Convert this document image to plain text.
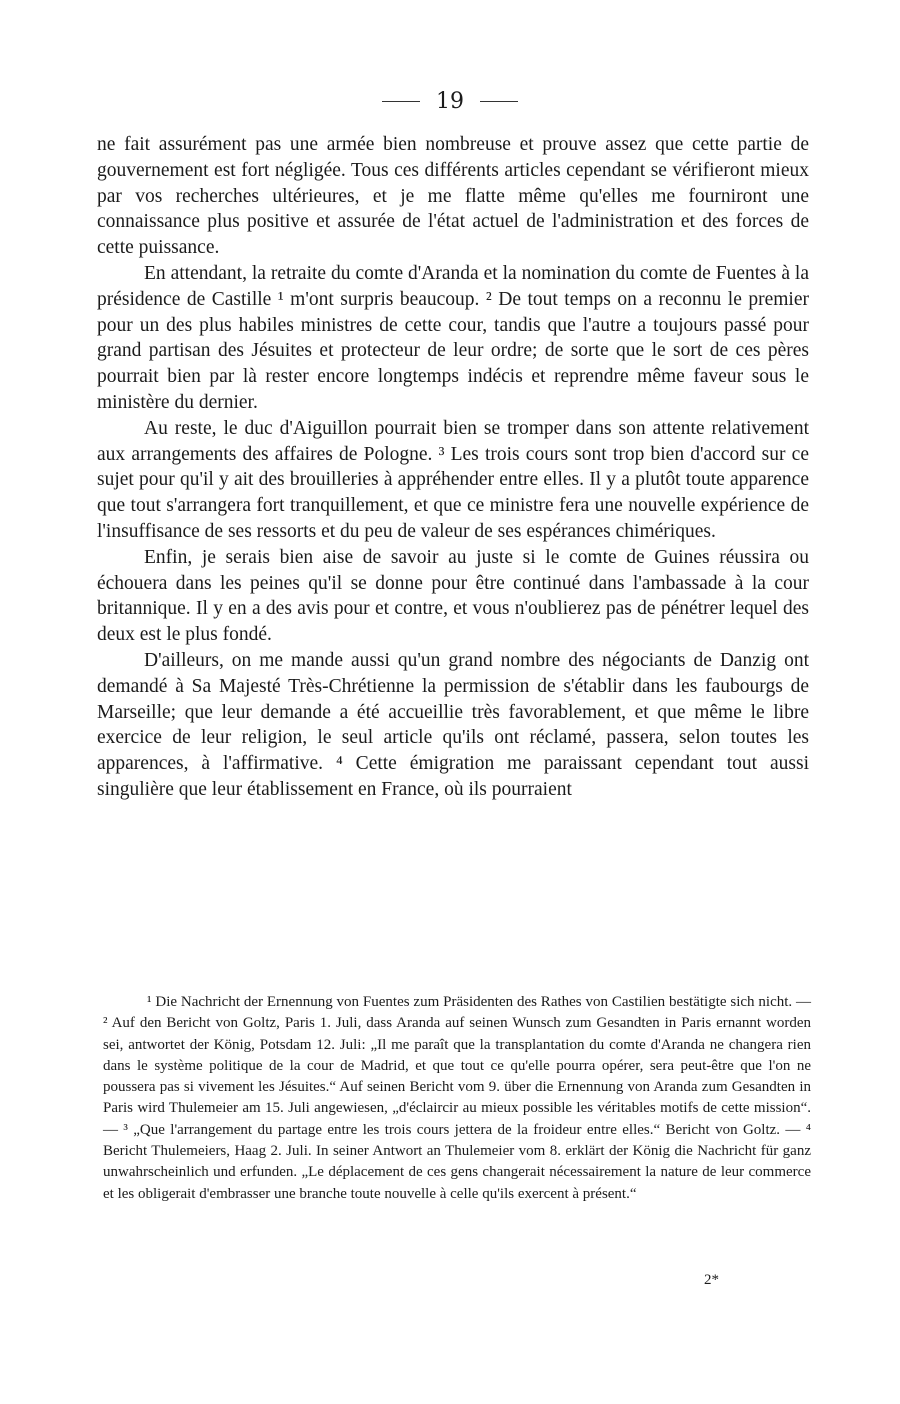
19

ne fait assurément pas une armée bien nombreuse et prouve assez que cette partie de gouvernement est fort négligée. Tous ces différents articles cependant se vérifieront mieux par vos recherches ultérieures, et je me flatte même qu'elles me fourniront une connaissance plus positive et assurée de l'état actuel de l'administration et des forces de cette puissance.

En attendant, la retraite du comte d'Aranda et la nomination du comte de Fuentes à la présidence de Castille ¹ m'ont surpris beaucoup. ² De tout temps on a reconnu le premier pour un des plus habiles ministres de cette cour, tandis que l'autre a toujours passé pour grand partisan des Jésuites et protecteur de leur ordre; de sorte que le sort de ces pères pourrait bien par là rester encore longtemps indécis et reprendre même faveur sous le ministère du dernier.

Au reste, le duc d'Aiguillon pourrait bien se tromper dans son attente relativement aux arrangements des affaires de Pologne. ³ Les trois cours sont trop bien d'accord sur ce sujet pour qu'il y ait des brouilleries à appréhender entre elles. Il y a plutôt toute apparence que tout s'arrangera fort tranquillement, et que ce ministre fera une nouvelle expérience de l'insuffisance de ses ressorts et du peu de valeur de ses espérances chimériques.

Enfin, je serais bien aise de savoir au juste si le comte de Guines réussira ou échouera dans les peines qu'il se donne pour être continué dans l'ambassade à la cour britannique. Il y en a des avis pour et contre, et vous n'oublierez pas de pénétrer lequel des deux est le plus fondé.

D'ailleurs, on me mande aussi qu'un grand nombre des négociants de Danzig ont demandé à Sa Majesté Très-Chrétienne la permission de s'établir dans les faubourgs de Marseille; que leur demande a été accueillie très favorablement, et que même le libre exercice de leur religion, le seul article qu'ils ont réclamé, passera, selon toutes les apparences, à l'affirmative. ⁴ Cette émigration me paraissant cependant tout aussi singulière que leur établissement en France, où ils pourraient

¹ Die Nachricht der Ernennung von Fuentes zum Präsidenten des Rathes von Castilien bestätigte sich nicht. — ² Auf den Bericht von Goltz, Paris 1. Juli, dass Aranda auf seinen Wunsch zum Gesandten in Paris ernannt worden sei, antwortet der König, Potsdam 12. Juli: „Il me paraît que la transplantation du comte d'Aranda ne changera rien dans le système politique de la cour de Madrid, et que tout ce qu'elle pourra opérer, sera peut-être que l'on ne poussera pas si vivement les Jésuites.“ Auf seinen Bericht vom 9. über die Ernennung von Aranda zum Gesandten in Paris wird Thulemeier am 15. Juli angewiesen, „d'éclaircir au mieux possible les véritables motifs de cette mission“. — ³ „Que l'arrangement du partage entre les trois cours jettera de la froideur entre elles.“ Bericht von Goltz. — ⁴ Bericht Thulemeiers, Haag 2. Juli. In seiner Antwort an Thulemeier vom 8. erklärt der König die Nachricht für ganz unwahrscheinlich und erfunden. „Le déplacement de ces gens changerait nécessairement la nature de leur commerce et les obligerait d'embrasser une branche toute nouvelle à celle qu'ils exercent à présent.“

2*
